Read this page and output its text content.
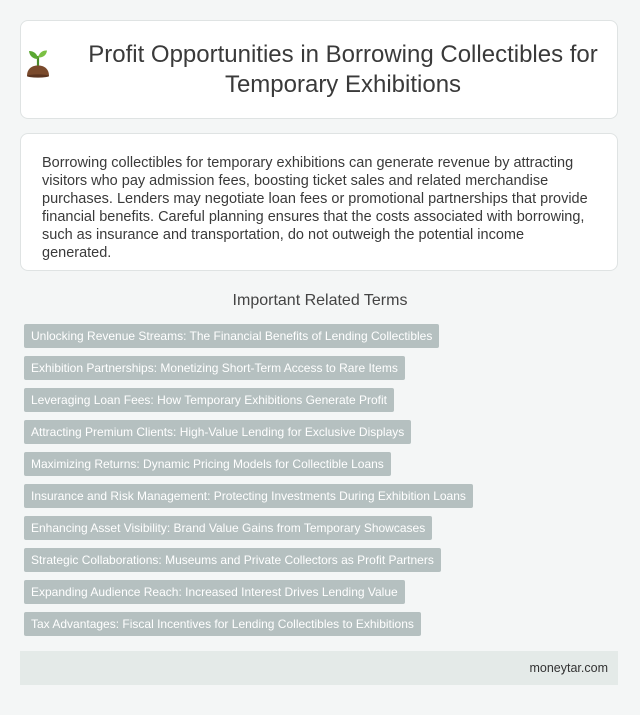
Profit Opportunities in Borrowing Collectibles for Temporary Exhibitions

Borrowing collectibles for temporary exhibitions can generate revenue by attracting visitors who pay admission fees, boosting ticket sales and related merchandise purchases. Lenders may negotiate loan fees or promotional partnerships that provide financial benefits. Careful planning ensures that the costs associated with borrowing, such as insurance and transportation, do not outweigh the potential income generated.

Important Related Terms
Unlocking Revenue Streams: The Financial Benefits of Lending Collectibles
Exhibition Partnerships: Monetizing Short-Term Access to Rare Items
Leveraging Loan Fees: How Temporary Exhibitions Generate Profit
Attracting Premium Clients: High-Value Lending for Exclusive Displays
Maximizing Returns: Dynamic Pricing Models for Collectible Loans
Insurance and Risk Management: Protecting Investments During Exhibition Loans
Enhancing Asset Visibility: Brand Value Gains from Temporary Showcases
Strategic Collaborations: Museums and Private Collectors as Profit Partners
Expanding Audience Reach: Increased Interest Drives Lending Value
Tax Advantages: Fiscal Incentives for Lending Collectibles to Exhibitions
moneytar.com
